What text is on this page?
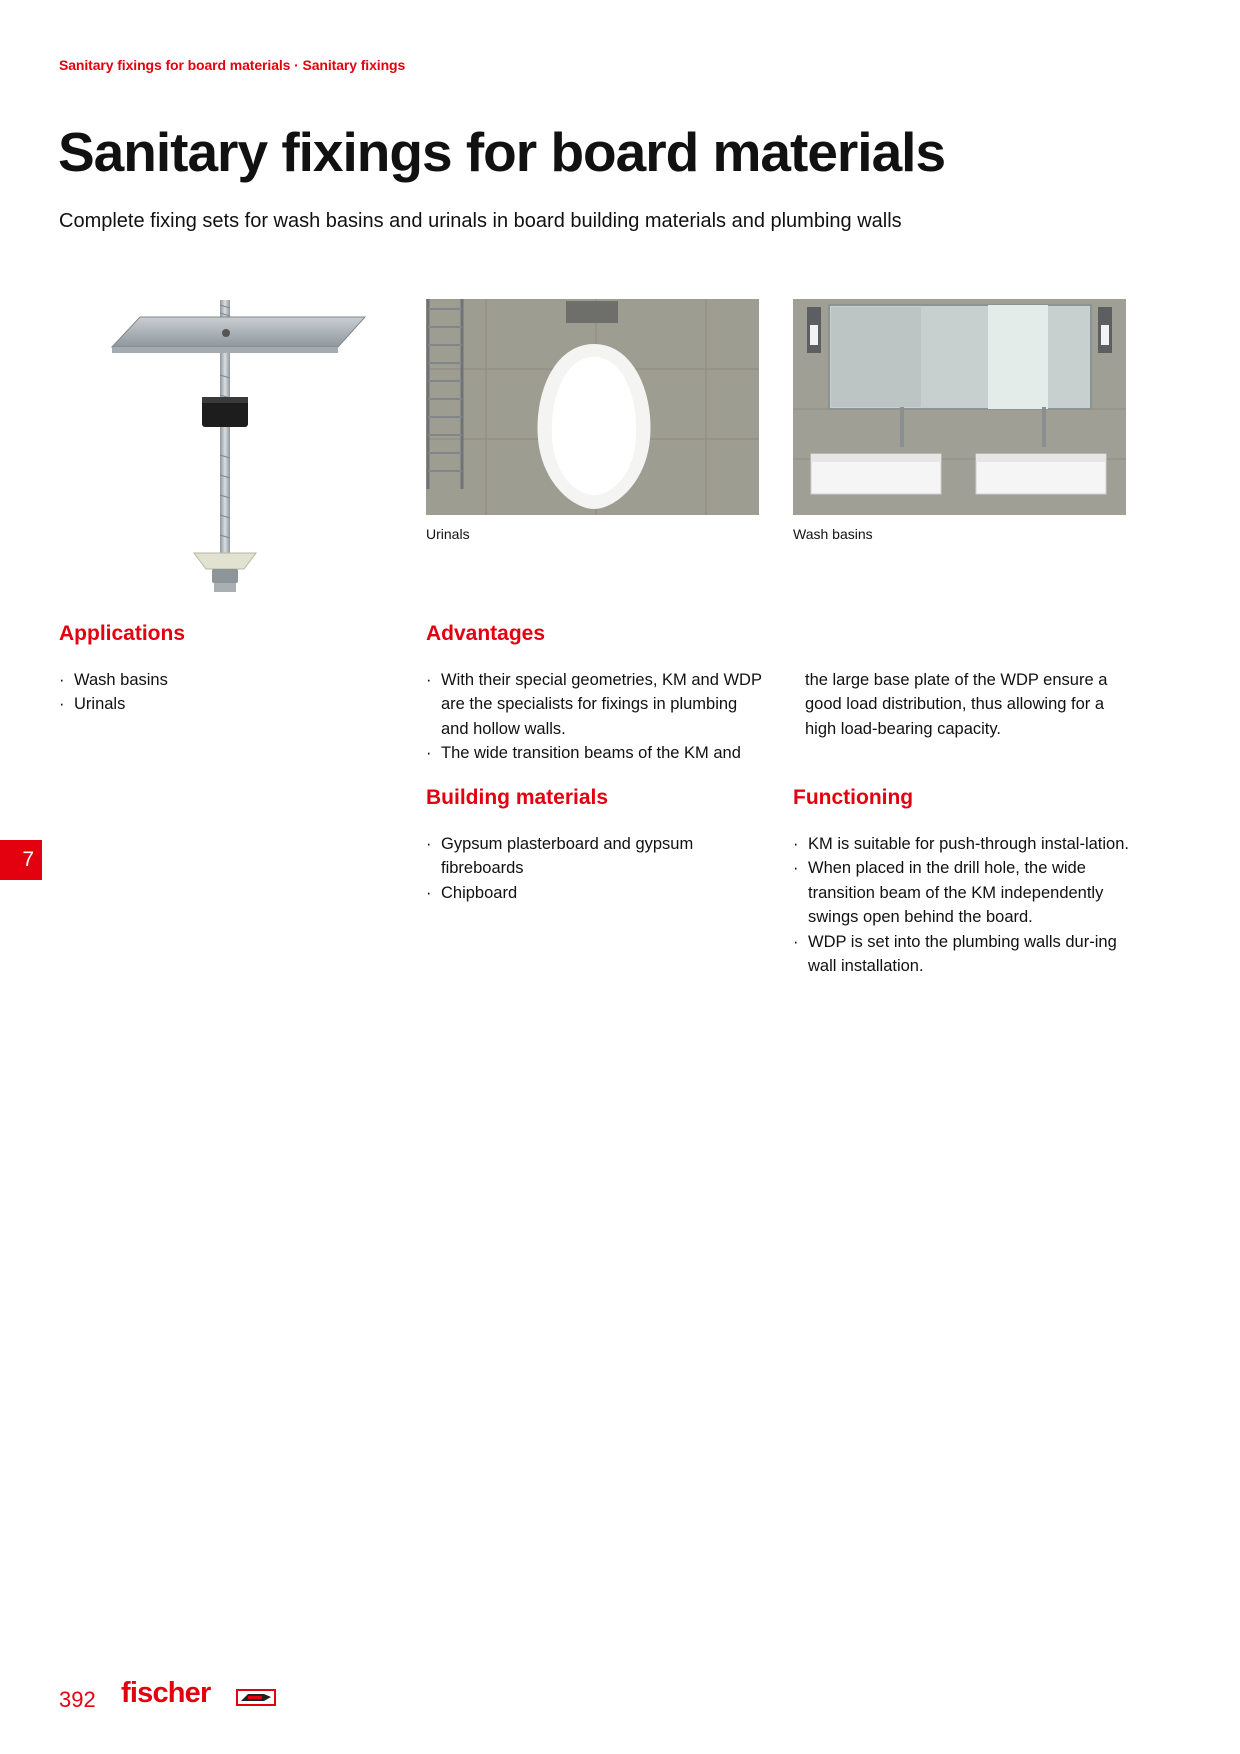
Sanitary fixings for board materials · Sanitary fixings
Sanitary fixings for board materials

Complete fixing sets for wash basins and urinals in board building materials and plumbing walls

Urinals	Wash basins
Applications
· Wash basins
· Urinals
Advantages
· With their special geometries, KM and WDP are the specialists for fixings in plumbing and hollow walls.
· The wide transition beams of the KM and

the large base plate of the WDP ensure a good load distribution, thus allowing for a high load-bearing capacity.

Building materials
· Gypsum plasterboard and gypsum fibreboards
· Chipboard
Functioning
· KM is suitable for push-through instal-lation.
· When placed in the drill hole, the wide transition beam of the KM independently swings open behind the board.
· WDP is set into the plumbing walls dur-ing wall installation.
7
392 fischer
